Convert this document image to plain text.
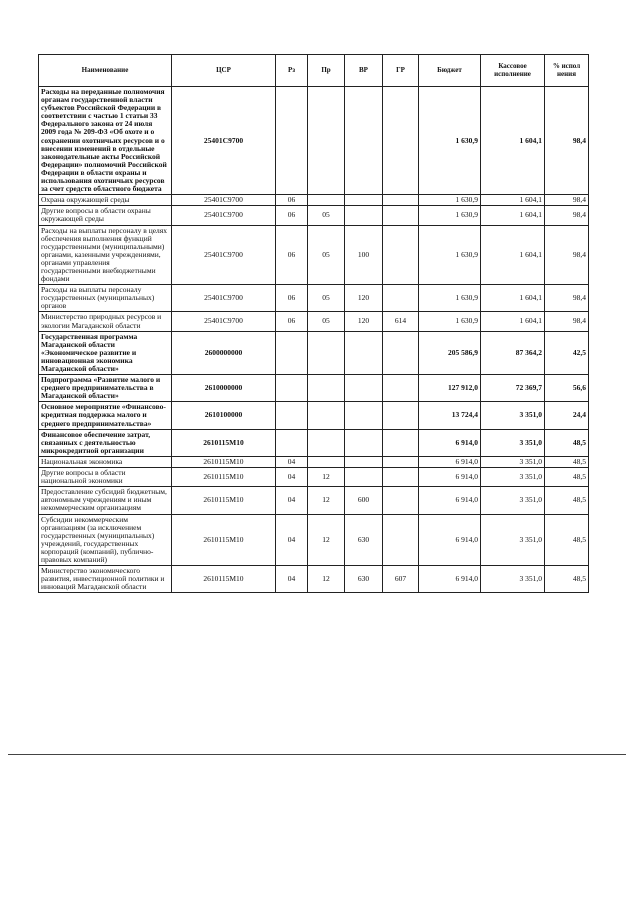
Наименование	ЦСР	Рз	Пр	ВР	ГР	Бюджет	Кассовое исполнение	% испол нения
Расходы на переданные полномочия органам государственной власти субъектов Российской Федерации в соответствии с частью 1 статьи 33 Федерального закона от 24 июля 2009 года № 209-ФЗ «Об охоте и о сохранении охотничьих ресурсов и о внесении изменений в отдельные законодательные акты Российской Федерации» полномочий Российской Федерации в области охраны и использования охотничьих ресурсов за счет средств областного бюджета	25401С9700					1 630,9	1 604,1	98,4
Охрана окружающей среды	25401С9700	06				1 630,9	1 604,1	98,4
Другие вопросы в области охраны окружающей среды	25401С9700	06	05			1 630,9	1 604,1	98,4
Расходы на выплаты персоналу в целях обеспечения выполнения функций государственными (муниципальными) органами, казенными учреждениями, органами управления государственными внебюджетными фондами	25401С9700	06	05	100		1 630,9	1 604,1	98,4
Расходы на выплаты персоналу государственных (муниципальных) органов	25401С9700	06	05	120		1 630,9	1 604,1	98,4
Министерство природных ресурсов и экологии Магаданской области	25401С9700	06	05	120	614	1 630,9	1 604,1	98,4
Государственная программа Магаданской области «Экономическое развитие и инновационная экономика Магаданской области»	2600000000					205 586,9	87 364,2	42,5
Подпрограмма «Развитие малого и среднего предпринимательства в Магаданской области»	2610000000					127 912,0	72 369,7	56,6
Основное мероприятие «Финансово-кредитная поддержка малого и среднего предпринимательства»	2610100000					13 724,4	3 351,0	24,4
Финансовое обеспечение затрат, связанных с деятельностью микрокредитной организации	2610115М10					6 914,0	3 351,0	48,5
Национальная экономика	2610115М10	04				6 914,0	3 351,0	48,5
Другие вопросы в области национальной экономики	2610115М10	04	12			6 914,0	3 351,0	48,5
Предоставление субсидий бюджетным, автономным учреждениям и иным некоммерческим организациям	2610115М10	04	12	600		6 914,0	3 351,0	48,5
Субсидии некоммерческим организациям (за исключением государственных (муниципальных) учреждений, государственных корпораций (компаний), публично-правовых компаний)	2610115М10	04	12	630		6 914,0	3 351,0	48,5
Министерство экономического развития, инвестиционной политики и инноваций Магаданской области	2610115М10	04	12	630	607	6 914,0	3 351,0	48,5
